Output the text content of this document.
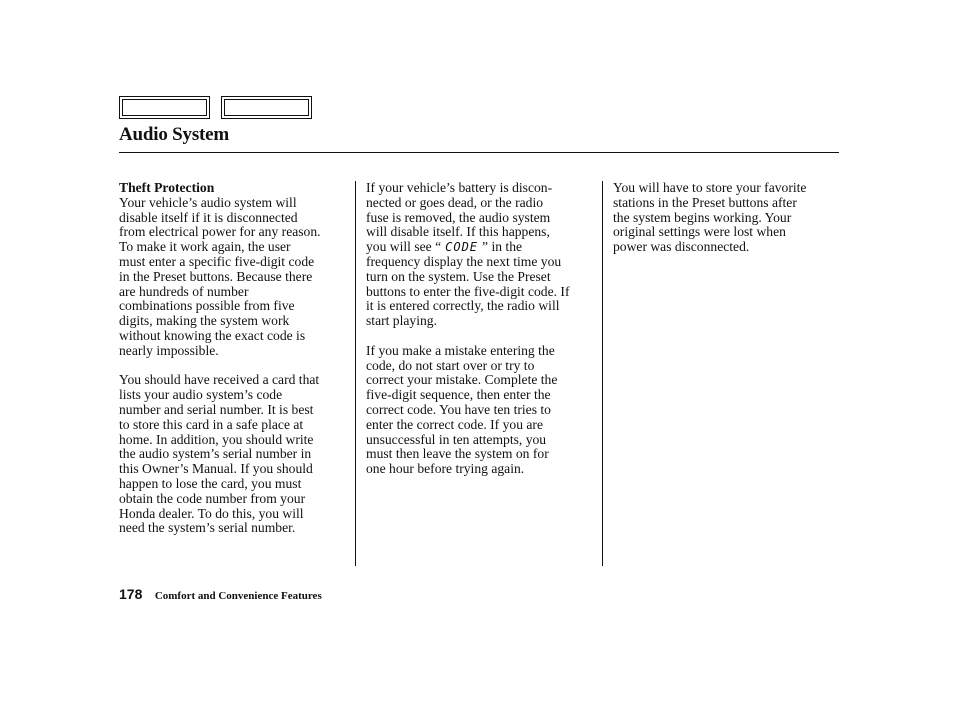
Audio System
Theft Protection

Your vehicle’s audio system will
disable itself if it is disconnected
from electrical power for any reason.
To make it work again, the user
must enter a specific five-digit code
in the Preset buttons. Because there
are hundreds of number
combinations possible from five
digits, making the system work
without knowing the exact code is
nearly impossible.

You should have received a card that
lists your audio system’s code
number and serial number. It is best
to store this card in a safe place at
home. In addition, you should write
the audio system’s serial number in
this Owner’s Manual. If you should
happen to lose the card, you must
obtain the code number from your
Honda dealer. To do this, you will
need the system’s serial number.

If your vehicle’s battery is discon-
nected or goes dead, or the radio
fuse is removed, the audio system
will disable itself. If this happens,
you will see “ CODE ” in the
frequency display the next time you
turn on the system. Use the Preset
buttons to enter the five-digit code. If
it is entered correctly, the radio will
start playing.

If you make a mistake entering the
code, do not start over or try to
correct your mistake. Complete the
five-digit sequence, then enter the
correct code. You have ten tries to
enter the correct code. If you are
unsuccessful in ten attempts, you
must then leave the system on for
one hour before trying again.

You will have to store your favorite
stations in the Preset buttons after
the system begins working. Your
original settings were lost when
power was disconnected.

178 Comfort and Convenience Features
